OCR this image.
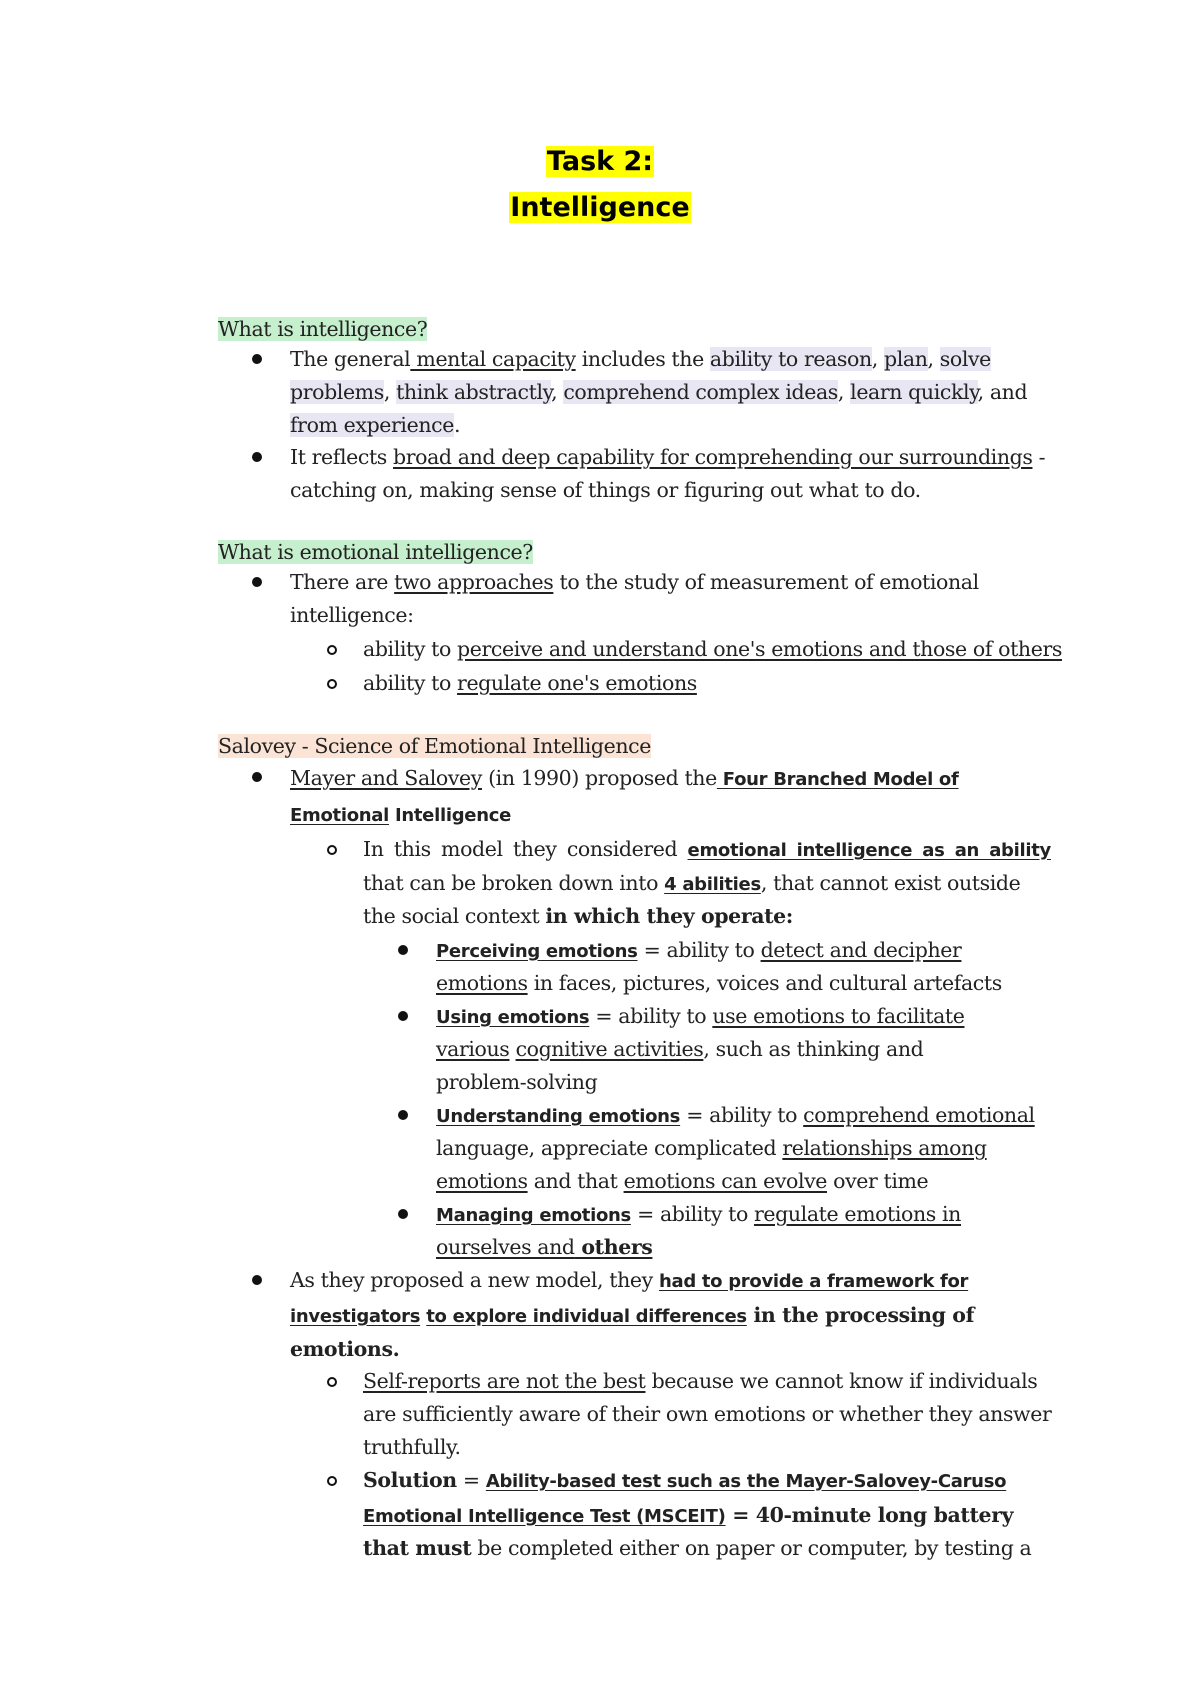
Task 2:
Intelligence
What is intelligence?
The general mental capacity includes the ability to reason, plan, solve
problems, think abstractly, comprehend complex ideas, learn quickly, and
from experience.
It reflects broad and deep capability for comprehending our surroundings -
catching on, making sense of things or figuring out what to do.
What is emotional intelligence?
There are two approaches to the study of measurement of emotional
intelligence:
ability to perceive and understand one's emotions and those of others
ability to regulate one's emotions
Salovey - Science of Emotional Intelligence
Mayer and Salovey (in 1990) proposed the Four Branched Model of
Emotional Intelligence
In this model they considered emotional intelligence as an ability
that can be broken down into 4 abilities, that cannot exist outside
the social context in which they operate:
Perceiving emotions = ability to detect and decipher
emotions in faces, pictures, voices and cultural artefacts
Using emotions = ability to use emotions to facilitate
various cognitive activities, such as thinking and
problem-solving
Understanding emotions = ability to comprehend emotional
language, appreciate complicated relationships among
emotions and that emotions can evolve over time
Managing emotions = ability to regulate emotions in
ourselves and others
As they proposed a new model, they had to provide a framework for
investigators to explore individual differences in the processing of
emotions.
Self-reports are not the best because we cannot know if individuals
are sufficiently aware of their own emotions or whether they answer
truthfully.
Solution = Ability-based test such as the Mayer-Salovey-Caruso
Emotional Intelligence Test (MSCEIT) = 40-minute long battery
that must be completed either on paper or computer, by testing a
